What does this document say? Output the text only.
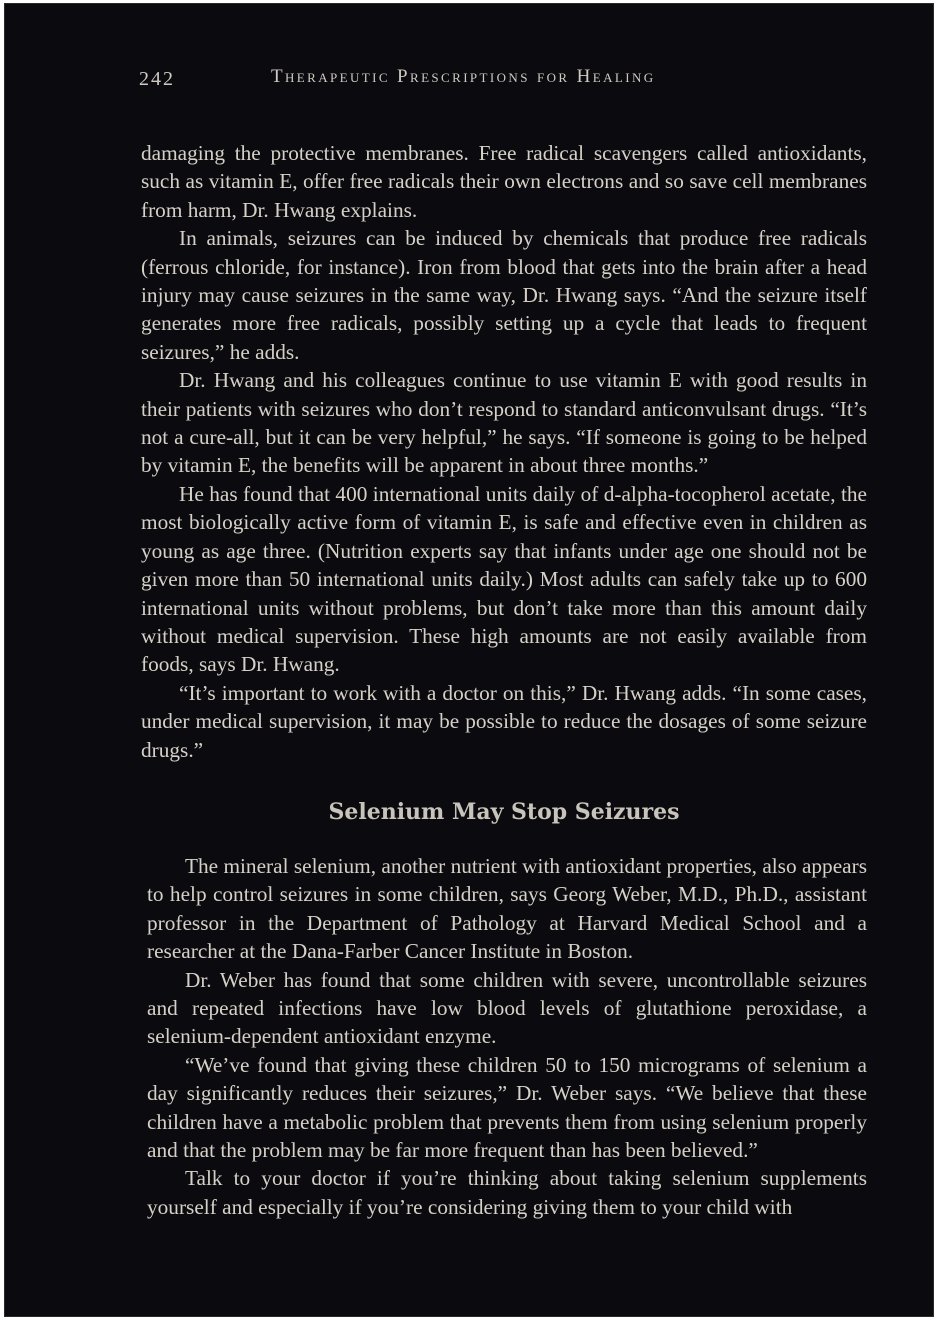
242	Therapeutic Prescriptions for Healing

damaging the protective membranes. Free radical scavengers called antioxidants, such as vitamin E, offer free radicals their own electrons and so save cell membranes from harm, Dr. Hwang explains.

In animals, seizures can be induced by chemicals that produce free radicals (ferrous chloride, for instance). Iron from blood that gets into the brain after a head injury may cause seizures in the same way, Dr. Hwang says. “And the seizure itself generates more free radicals, possibly setting up a cycle that leads to frequent seizures,” he adds.

Dr. Hwang and his colleagues continue to use vitamin E with good results in their patients with seizures who don’t respond to standard anticonvulsant drugs. “It’s not a cure-all, but it can be very helpful,” he says. “If someone is going to be helped by vitamin E, the benefits will be apparent in about three months.”

He has found that 400 international units daily of d-alpha-tocopherol acetate, the most biologically active form of vitamin E, is safe and effective even in children as young as age three. (Nutrition experts say that infants under age one should not be given more than 50 international units daily.) Most adults can safely take up to 600 international units without problems, but don’t take more than this amount daily without medical supervision. These high amounts are not easily available from foods, says Dr. Hwang.

“It’s important to work with a doctor on this,” Dr. Hwang adds. “In some cases, under medical supervision, it may be possible to reduce the dosages of some seizure drugs.”

Selenium May Stop Seizures

The mineral selenium, another nutrient with antioxidant properties, also appears to help control seizures in some children, says Georg Weber, M.D., Ph.D., assistant professor in the Department of Pathology at Harvard Medical School and a researcher at the Dana-Farber Cancer Institute in Boston.

Dr. Weber has found that some children with severe, uncontrollable seizures and repeated infections have low blood levels of glutathione peroxidase, a selenium-dependent antioxidant enzyme.

“We’ve found that giving these children 50 to 150 micrograms of selenium a day significantly reduces their seizures,” Dr. Weber says. “We believe that these children have a metabolic problem that prevents them from using selenium properly and that the problem may be far more frequent than has been believed.”

Talk to your doctor if you’re thinking about taking selenium supplements yourself and especially if you’re considering giving them to your child with
